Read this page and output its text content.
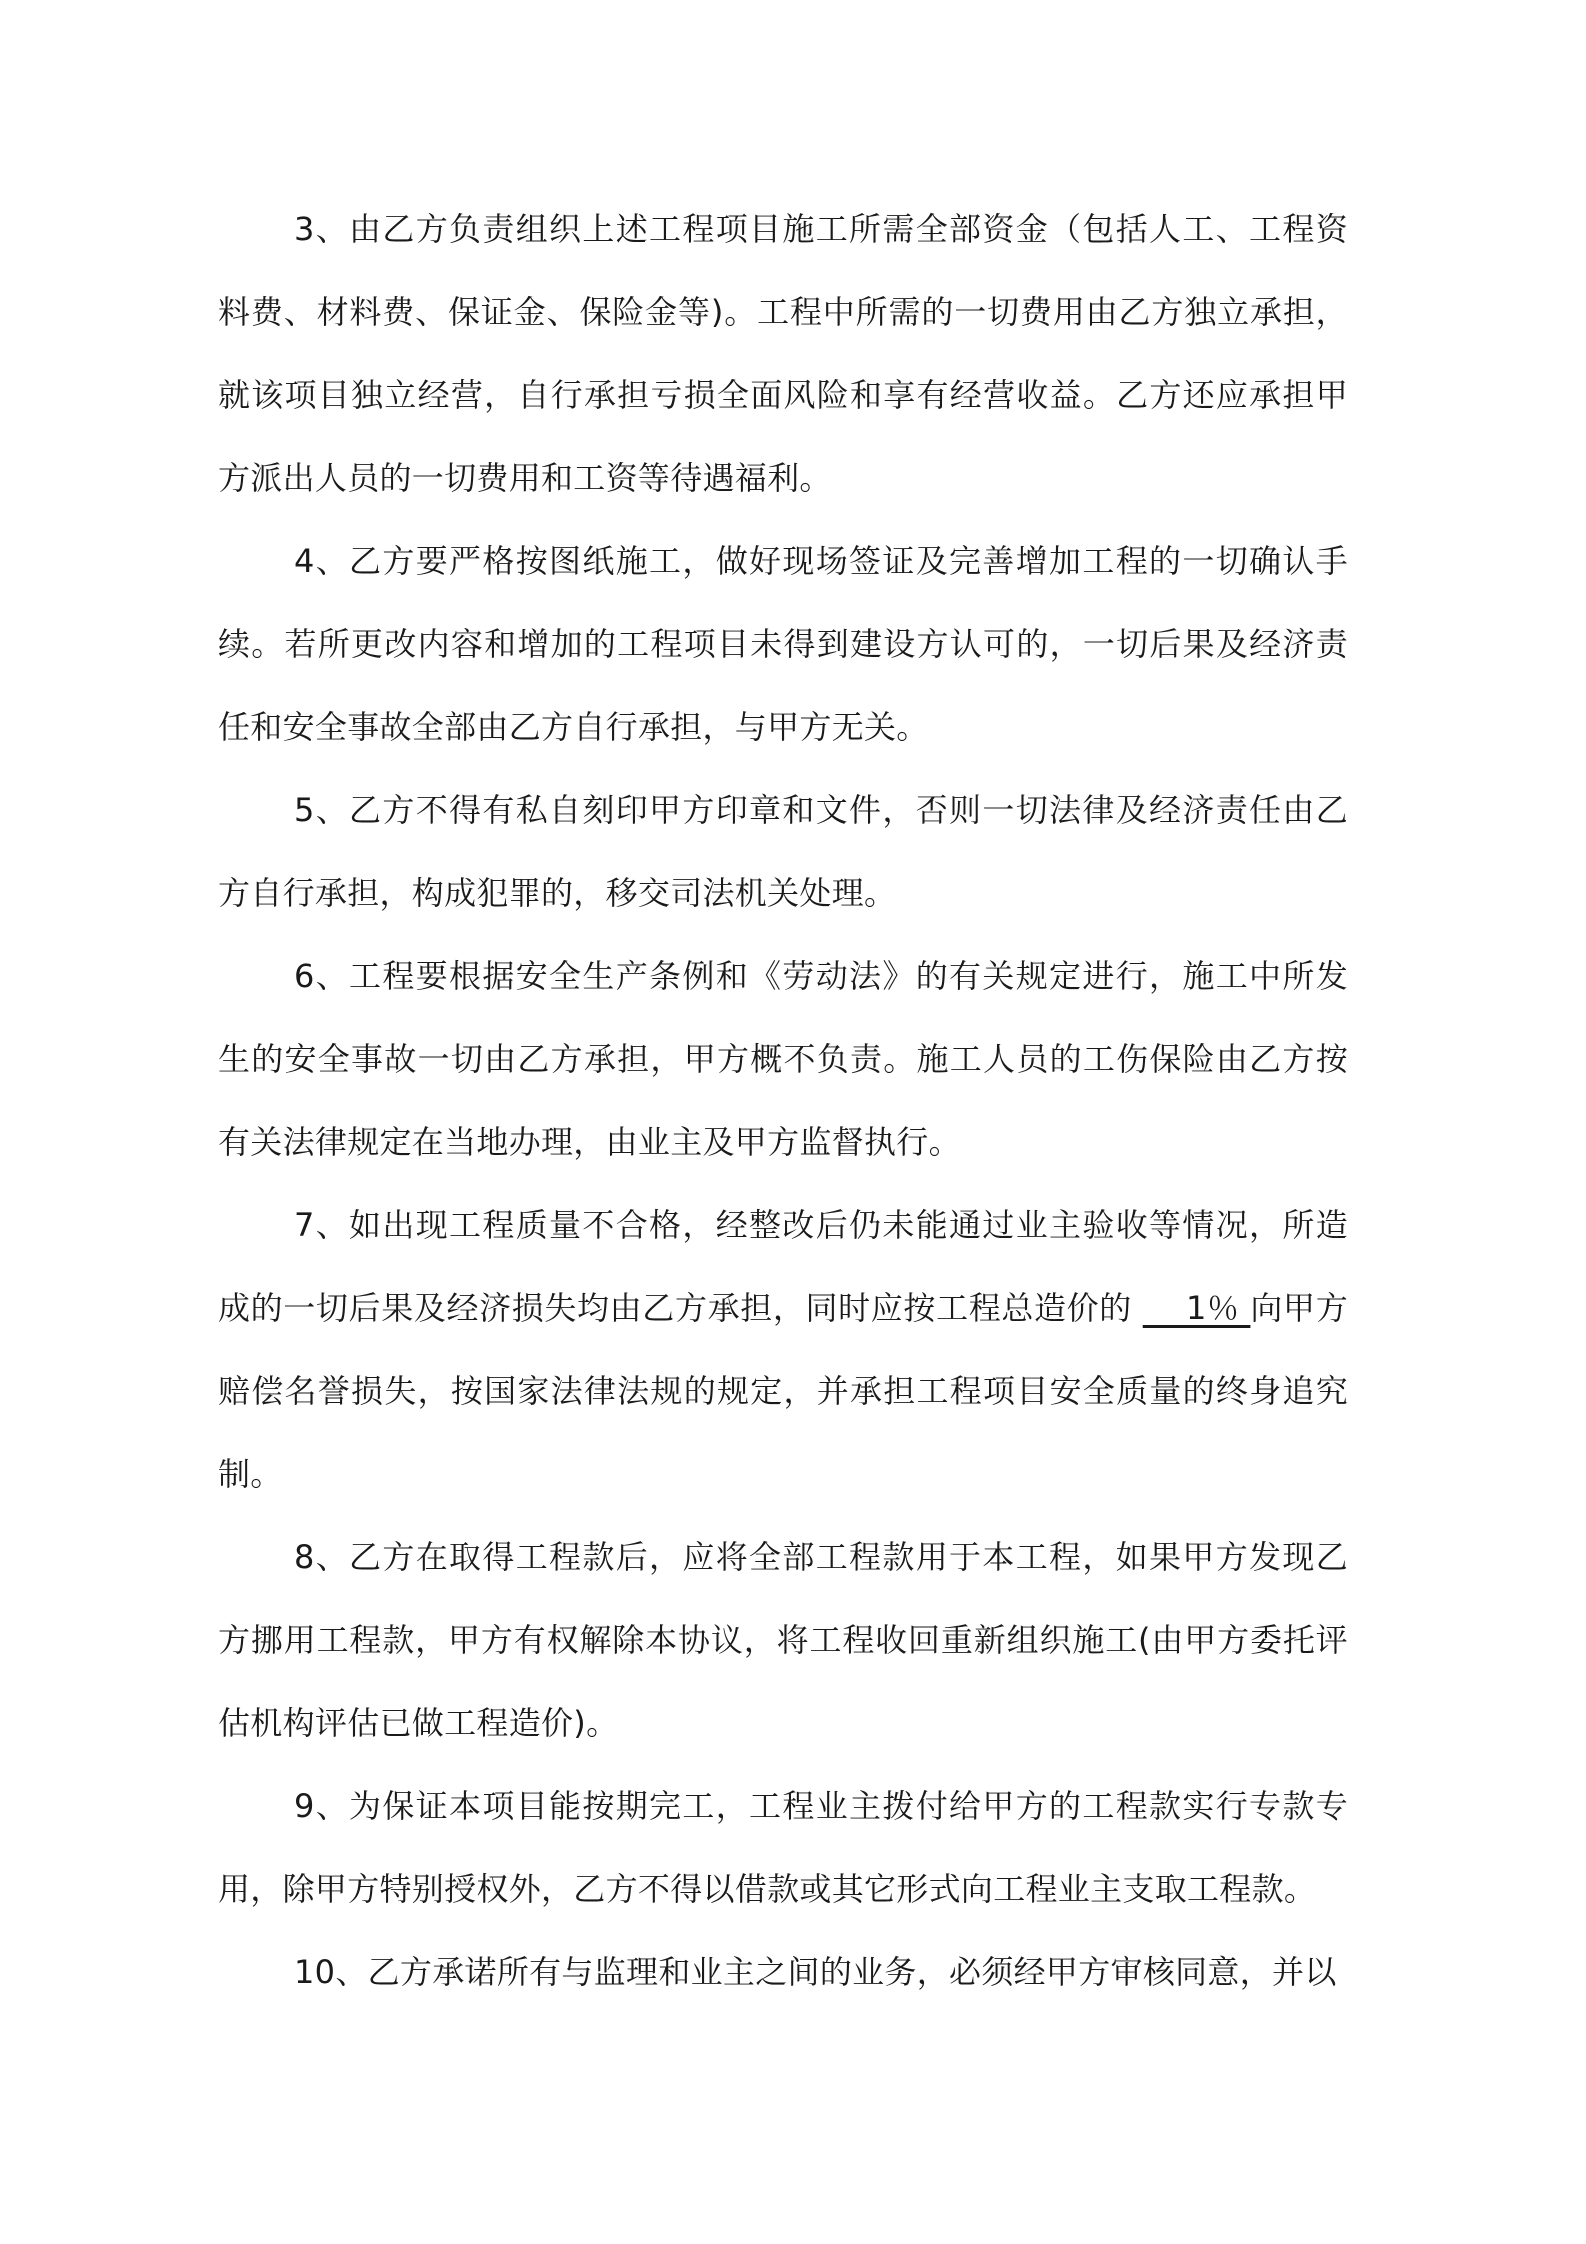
3、由乙方负责组织上述工程项目施工所需全部资金（包括人工、工程资料费、材料费、保证金、保险金等)。工程中所需的一切费用由乙方独立承担，就该项目独立经营，自行承担亏损全面风险和享有经营收益。乙方还应承担甲方派出人员的一切费用和工资等待遇福利。

4、乙方要严格按图纸施工，做好现场签证及完善增加工程的一切确认手续。若所更改内容和增加的工程项目未得到建设方认可的，一切后果及经济责任和安全事故全部由乙方自行承担，与甲方无关。

5、乙方不得有私自刻印甲方印章和文件，否则一切法律及经济责任由乙方自行承担，构成犯罪的，移交司法机关处理。

6、工程要根据安全生产条例和《劳动法》的有关规定进行，施工中所发生的安全事故一切由乙方承担，甲方概不负责。施工人员的工伤保险由乙方按有关法律规定在当地办理，由业主及甲方监督执行。

7、如出现工程质量不合格，经整改后仍未能通过业主验收等情况，所造成的一切后果及经济损失均由乙方承担，同时应按工程总造价的     1％ 向甲方赔偿名誉损失，按国家法律法规的规定，并承担工程项目安全质量的终身追究制。

8、乙方在取得工程款后，应将全部工程款用于本工程，如果甲方发现乙方挪用工程款，甲方有权解除本协议，将工程收回重新组织施工(由甲方委托评估机构评估已做工程造价)。

9、为保证本项目能按期完工，工程业主拨付给甲方的工程款实行专款专用，除甲方特别授权外，乙方不得以借款或其它形式向工程业主支取工程款。

10、乙方承诺所有与监理和业主之间的业务，必须经甲方审核同意，并以
